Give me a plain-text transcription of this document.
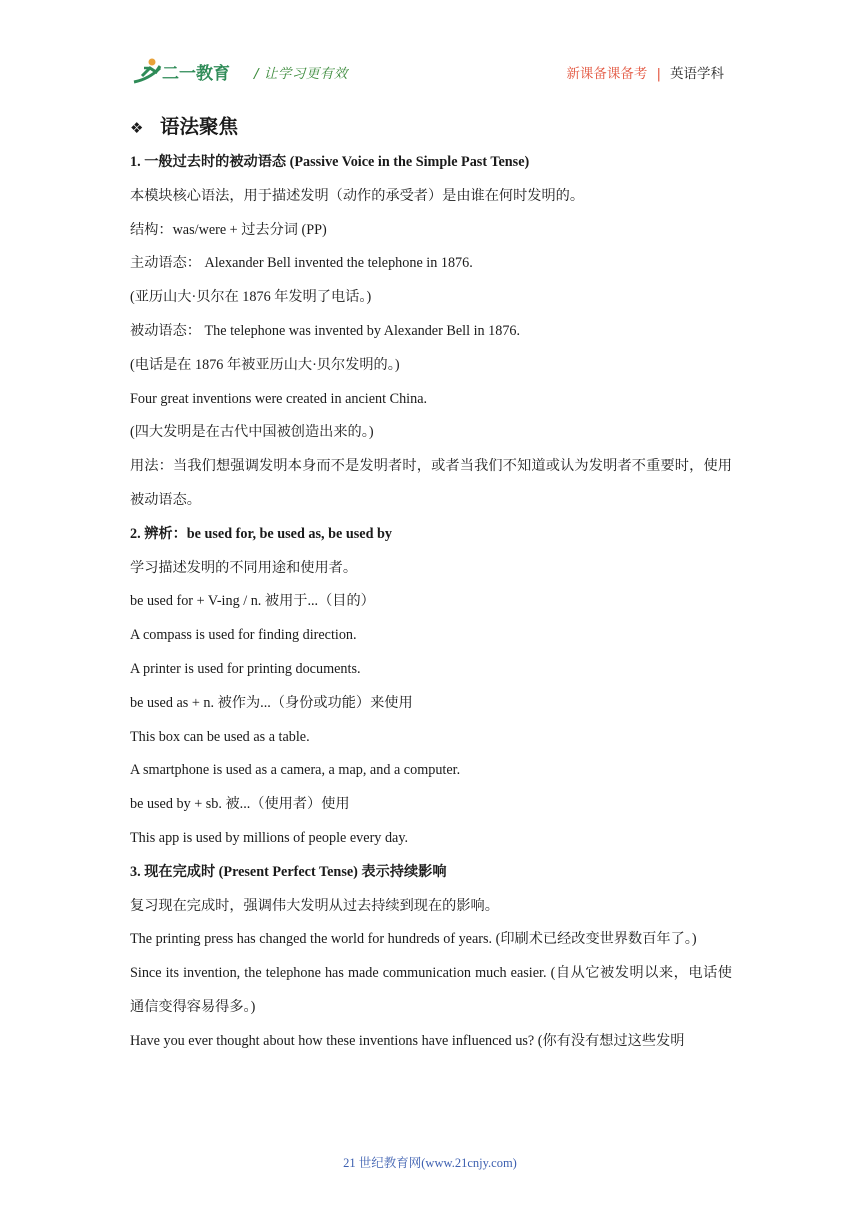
二一教育 / 让学习更有效	新课备课备考 | 英语学科
❖ 语法聚焦

1. 一般过去时的被动语态 (Passive Voice in the Simple Past Tense)

本模块核心语法，用于描述发明（动作的承受者）是由谁在何时发明的。

结构：was/were + 过去分词 (PP)

主动语态： Alexander Bell invented the telephone in 1876.

(亚历山大·贝尔在 1876 年发明了电话。)

被动语态： The telephone was invented by Alexander Bell in 1876.

(电话是在 1876 年被亚历山大·贝尔发明的。)

Four great inventions were created in ancient China.

(四大发明是在古代中国被创造出来的。)

用法：当我们想强调发明本身而不是发明者时，或者当我们不知道或认为发明者不重要时，使用被动语态。

2. 辨析：be used for, be used as, be used by

学习描述发明的不同用途和使用者。

be used for + V-ing / n. 被用于...（目的）

A compass is used for finding direction.

A printer is used for printing documents.

be used as + n. 被作为...（身份或功能）来使用

This box can be used as a table.

A smartphone is used as a camera, a map, and a computer.

be used by + sb. 被...（使用者）使用

This app is used by millions of people every day.

3. 现在完成时 (Present Perfect Tense) 表示持续影响

复习现在完成时，强调伟大发明从过去持续到现在的影响。

The printing press has changed the world for hundreds of years. (印刷术已经改变世界数百年了。)

Since its invention, the telephone has made communication much easier. (自从它被发明以来，电话使通信变得容易得多。)

Have you ever thought about how these inventions have influenced us? (你有没有想过这些发明

21 世纪教育网(www.21cnjy.com)
